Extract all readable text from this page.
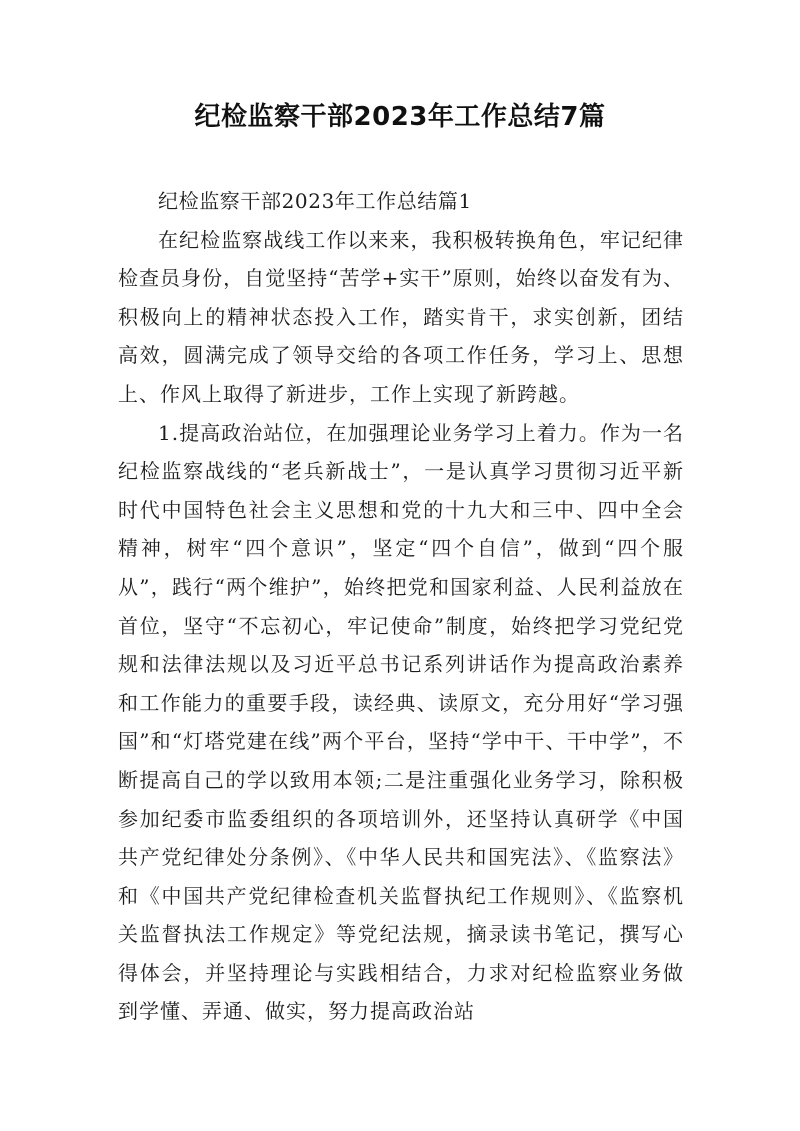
纪检监察干部2023年工作总结7篇

纪检监察干部2023年工作总结篇1

在纪检监察战线工作以来来，我积极转换角色，牢记纪律检查员身份，自觉坚持“苦学+实干”原则，始终以奋发有为、积极向上的精神状态投入工作，踏实肯干，求实创新，团结高效，圆满完成了领导交给的各项工作任务，学习上、思想上、作风上取得了新进步，工作上实现了新跨越。

1.提高政治站位，在加强理论业务学习上着力。作为一名纪检监察战线的“老兵新战士”，一是认真学习贯彻习近平新时代中国特色社会主义思想和党的十九大和三中、四中全会精神，树牢“四个意识”，坚定“四个自信”，做到“四个服从”，践行“两个维护”，始终把党和国家利益、人民利益放在首位，坚守“不忘初心，牢记使命”制度，始终把学习党纪党规和法律法规以及习近平总书记系列讲话作为提高政治素养和工作能力的重要手段，读经典、读原文，充分用好“学习强国”和“灯塔党建在线”两个平台，坚持“学中干、干中学”，不断提高自己的学以致用本领;二是注重强化业务学习，除积极参加纪委市监委组织的各项培训外，还坚持认真研学《中国共产党纪律处分条例》、《中华人民共和国宪法》、《监察法》和《中国共产党纪律检查机关监督执纪工作规则》、《监察机关监督执法工作规定》等党纪法规，摘录读书笔记，撰写心得体会，并坚持理论与实践相结合，力求对纪检监察业务做到学懂、弄通、做实，努力提高政治站
